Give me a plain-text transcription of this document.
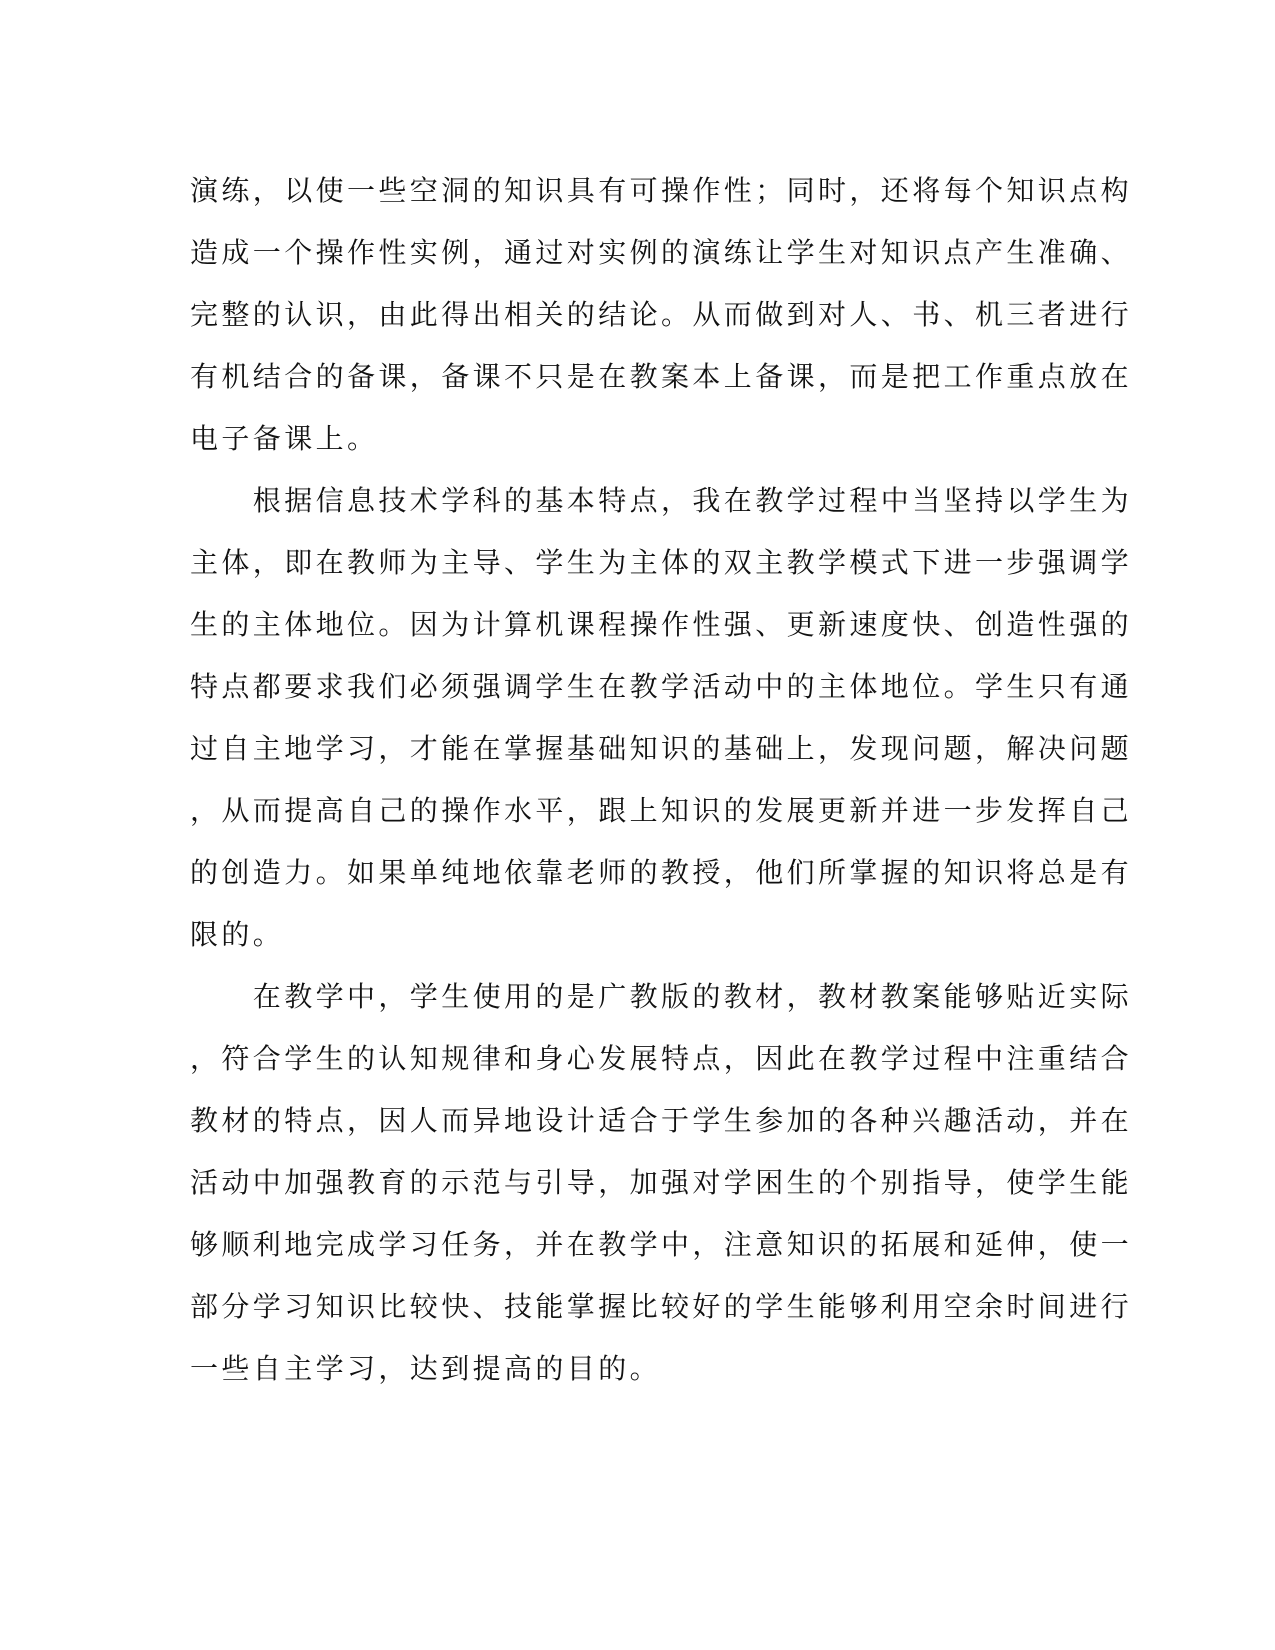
演练，以使一些空洞的知识具有可操作性；同时，还将每个知识点构
造成一个操作性实例，通过对实例的演练让学生对知识点产生准确、
完整的认识，由此得出相关的结论。从而做到对人、书、机三者进行
有机结合的备课，备课不只是在教案本上备课，而是把工作重点放在
电子备课上。
　　根据信息技术学科的基本特点，我在教学过程中当坚持以学生为
主体，即在教师为主导、学生为主体的双主教学模式下进一步强调学
生的主体地位。因为计算机课程操作性强、更新速度快、创造性强的
特点都要求我们必须强调学生在教学活动中的主体地位。学生只有通
过自主地学习，才能在掌握基础知识的基础上，发现问题，解决问题
，从而提高自己的操作水平，跟上知识的发展更新并进一步发挥自己
的创造力。如果单纯地依靠老师的教授，他们所掌握的知识将总是有
限的。
　　在教学中，学生使用的是广教版的教材，教材教案能够贴近实际
，符合学生的认知规律和身心发展特点，因此在教学过程中注重结合
教材的特点，因人而异地设计适合于学生参加的各种兴趣活动，并在
活动中加强教育的示范与引导，加强对学困生的个别指导，使学生能
够顺利地完成学习任务，并在教学中，注意知识的拓展和延伸，使一
部分学习知识比较快、技能掌握比较好的学生能够利用空余时间进行
一些自主学习，达到提高的目的。
